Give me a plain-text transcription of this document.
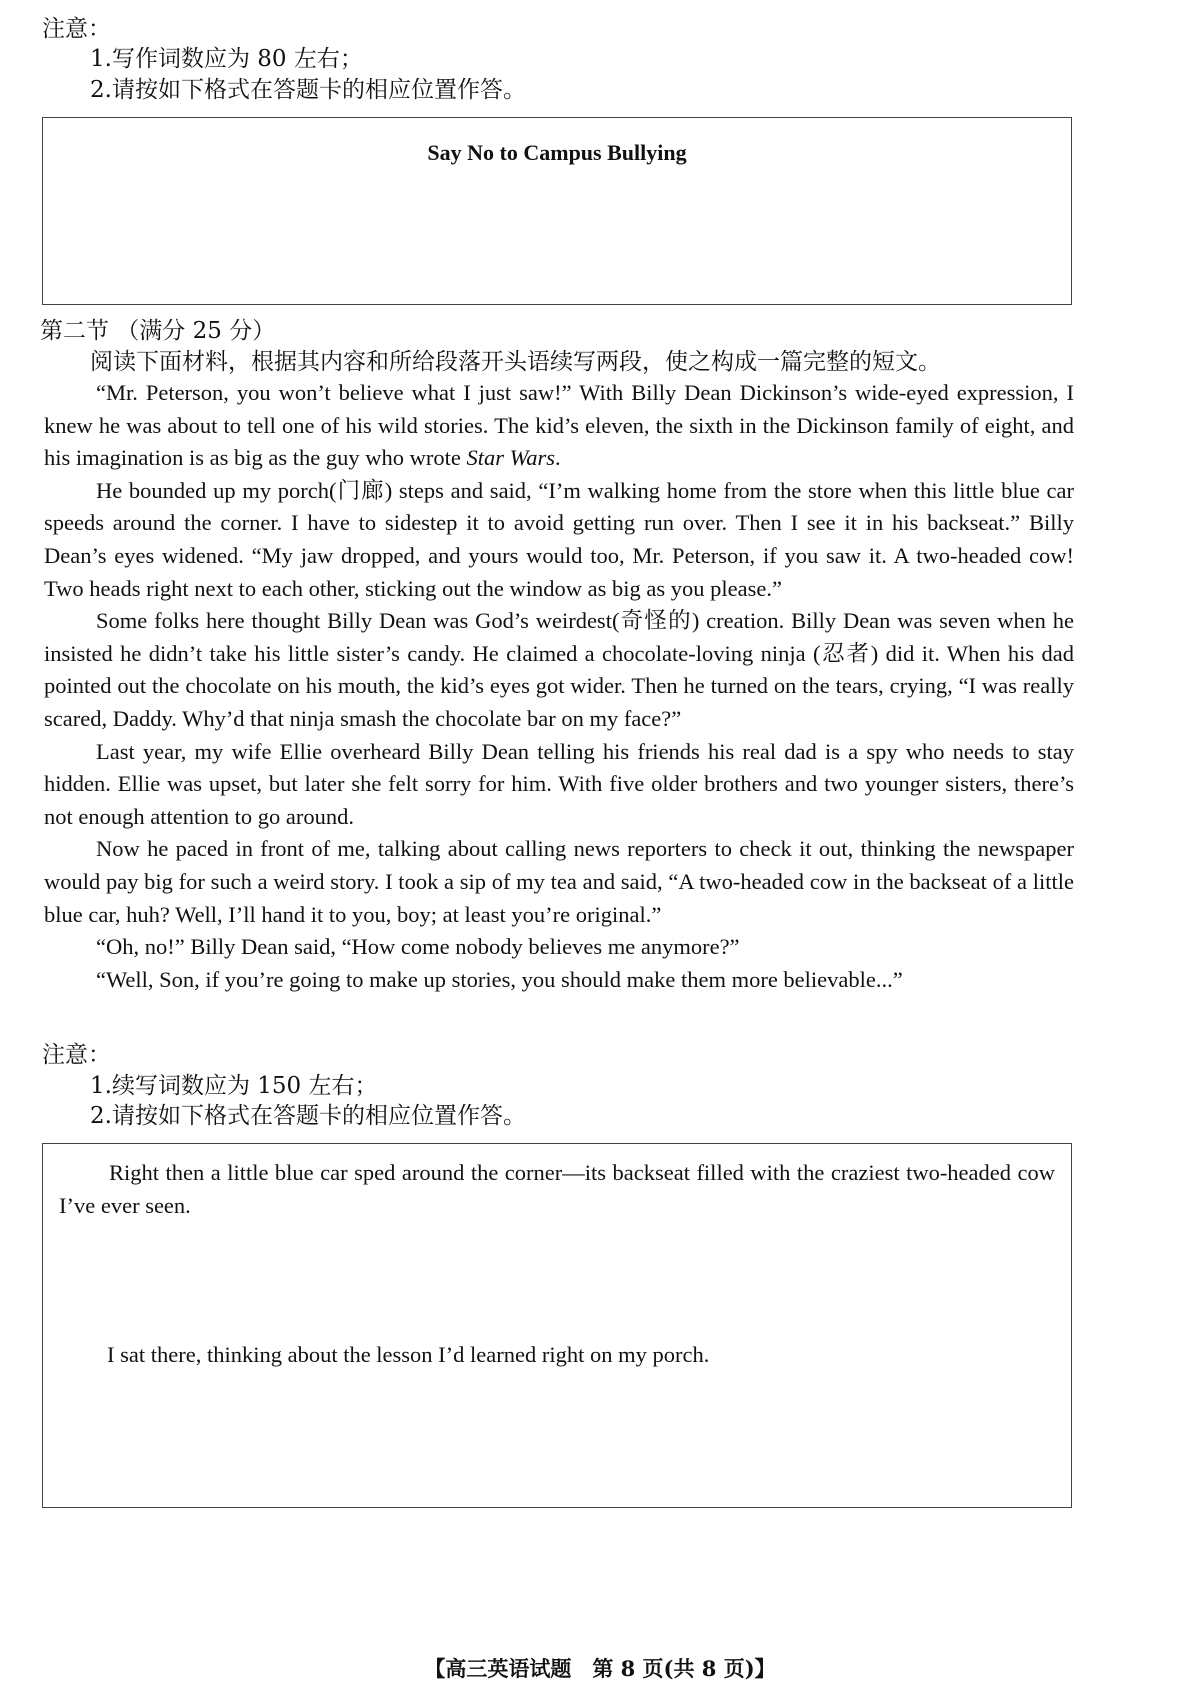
注意：
1.写作词数应为 80 左右；
2.请按如下格式在答题卡的相应位置作答。
Say No to Campus Bullying
第二节 （满分 25 分）
阅读下面材料，根据其内容和所给段落开头语续写两段，使之构成一篇完整的短文。

“Mr. Peterson, you won’t believe what I just saw!” With Billy Dean Dickinson’s wide-eyed expression, I knew he was about to tell one of his wild stories. The kid’s eleven, the sixth in the Dickinson family of eight, and his imagination is as big as the guy who wrote Star Wars.

He bounded up my porch(门廊) steps and said, “I’m walking home from the store when this little blue car speeds around the corner. I have to sidestep it to avoid getting run over. Then I see it in his backseat.” Billy Dean’s eyes widened. “My jaw dropped, and yours would too, Mr. Peterson, if you saw it. A two-headed cow! Two heads right next to each other, sticking out the window as big as you please.”

Some folks here thought Billy Dean was God’s weirdest(奇怪的) creation. Billy Dean was seven when he insisted he didn’t take his little sister’s candy. He claimed a chocolate-loving ninja (忍者) did it. When his dad pointed out the chocolate on his mouth, the kid’s eyes got wider. Then he turned on the tears, crying, “I was really scared, Daddy. Why’d that ninja smash the chocolate bar on my face?”

Last year, my wife Ellie overheard Billy Dean telling his friends his real dad is a spy who needs to stay hidden. Ellie was upset, but later she felt sorry for him. With five older brothers and two younger sisters, there’s not enough attention to go around.

Now he paced in front of me, talking about calling news reporters to check it out, thinking the newspaper would pay big for such a weird story. I took a sip of my tea and said, “A two-headed cow in the backseat of a little blue car, huh? Well, I’ll hand it to you, boy; at least you’re original.”

“Oh, no!” Billy Dean said, “How come nobody believes me anymore?”

“Well, Son, if you’re going to make up stories, you should make them more believable...”

注意：
1.续写词数应为 150 左右；
2.请按如下格式在答题卡的相应位置作答。
Right then a little blue car sped around the corner—its backseat filled with the craziest two-headed cow I’ve ever seen.
I sat there, thinking about the lesson I’d learned right on my porch.
【高三英语试题　第 8 页(共 8 页)】
